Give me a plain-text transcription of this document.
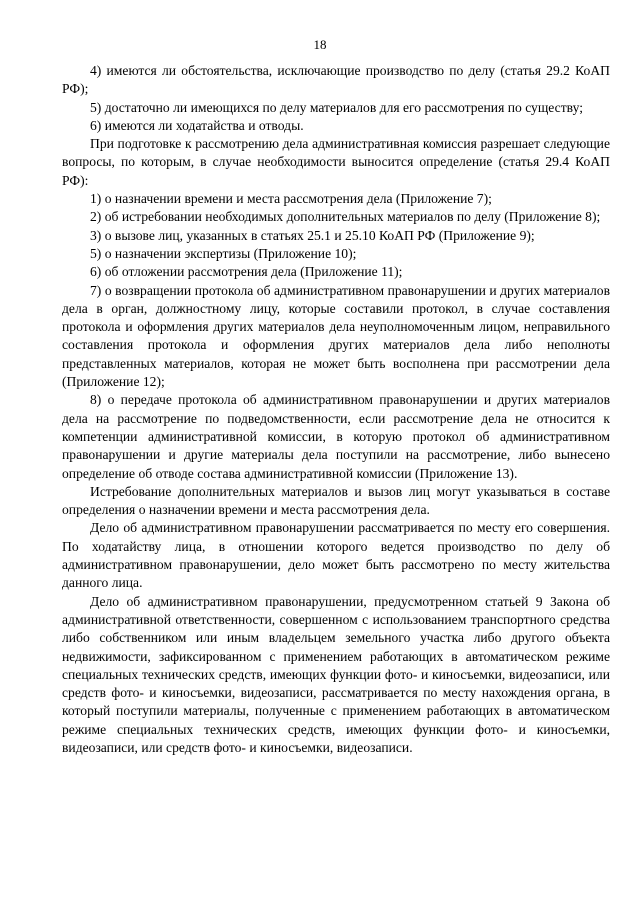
18

4) имеются ли обстоятельства, исключающие производство по делу (статья 29.2 КоАП РФ);

5) достаточно ли имеющихся по делу материалов для его рассмотрения по существу;

6) имеются ли ходатайства и отводы.

При подготовке к рассмотрению дела административная комиссия разрешает следующие вопросы, по которым, в случае необходимости выносится определение (статья 29.4 КоАП РФ):

1) о назначении времени и места рассмотрения дела (Приложение 7);

2) об истребовании необходимых дополнительных материалов по делу (Приложение 8);

3) о вызове лиц, указанных в статьях 25.1 и 25.10 КоАП РФ (Приложение 9);

5) о назначении экспертизы (Приложение 10);

6) об отложении рассмотрения дела (Приложение 11);

7) о возвращении протокола об административном правонарушении и других материалов дела в орган, должностному лицу, которые составили протокол, в случае составления протокола и оформления других материалов дела неуполномоченным лицом, неправильного составления протокола и оформления других материалов дела либо неполноты представленных материалов, которая не может быть восполнена при рассмотрении дела (Приложение 12);

8) о передаче протокола об административном правонарушении и других материалов дела на рассмотрение по подведомственности, если рассмотрение дела не относится к компетенции административной комиссии, в которую протокол об административном правонарушении и другие материалы дела поступили на рассмотрение, либо вынесено определение об отводе состава административной комиссии (Приложение 13).

Истребование дополнительных материалов и вызов лиц могут указываться в составе определения о назначении времени и места рассмотрения дела.

Дело об административном правонарушении рассматривается по месту его совершения. По ходатайству лица, в отношении которого ведется производство по делу об административном правонарушении, дело может быть рассмотрено по месту жительства данного лица.

Дело об административном правонарушении, предусмотренном статьей 9 Закона об административной ответственности, совершенном с использованием транспортного средства либо собственником или иным владельцем земельного участка либо другого объекта недвижимости, зафиксированном с применением работающих в автоматическом режиме специальных технических средств, имеющих функции фото- и киносъемки, видеозаписи, или средств фото- и киносъемки, видеозаписи, рассматривается по месту нахождения органа, в который поступили материалы, полученные с применением работающих в автоматическом режиме специальных технических средств, имеющих функции фото- и киносъемки, видеозаписи, или средств фото- и киносъемки, видеозаписи.
